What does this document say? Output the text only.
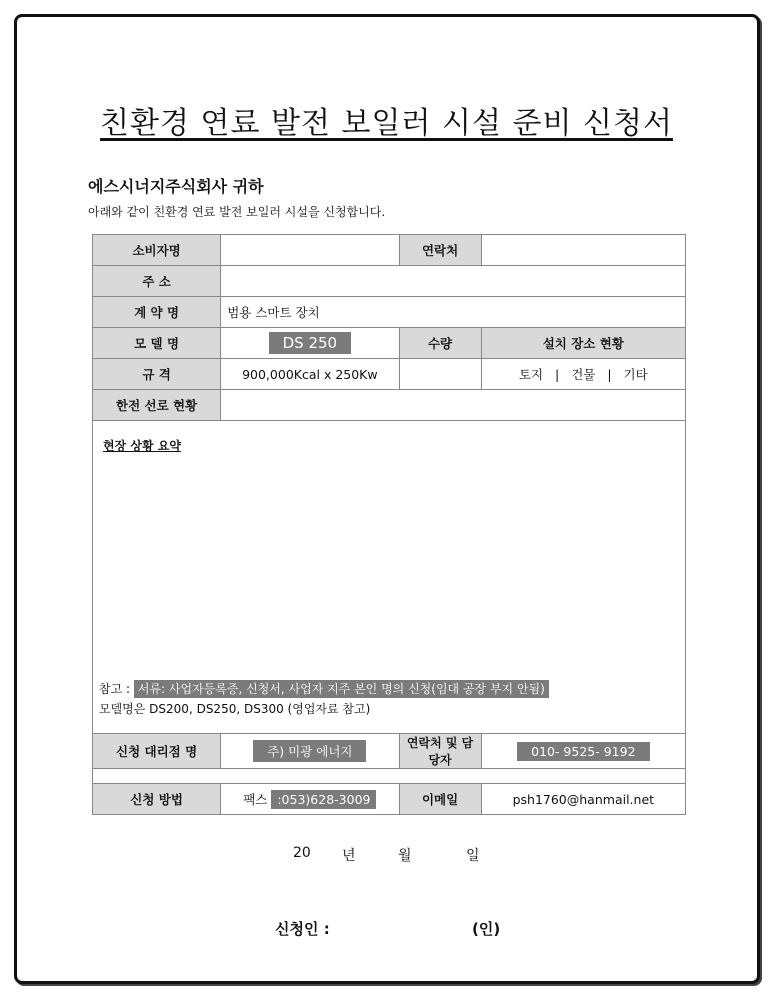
친환경 연료 발전 보일러 시설 준비 신청서
에스시너지주식회사 귀하
아래와 같이 친환경 연료 발전 보일러 시설을 신청합니다.
소비자명		연락처	
주 소			
계 약 명	범용 스마트 장치		
모 델 명	DS 250	수량	설치 장소 현황
규 격	900,000Kcal x 250Kw		토지 | 건물 | 기타
한전 선로 현황			
현장 상황 요약
참고 : 서류: 사업자등록증, 신청서, 사업자 지주 본인 명의 신청(임대 공장 부지 안됨)
모델명은 DS200, DS250, DS300 (영업자료 참고)			

신청 대리점 명	주) 미광 에너지	연락처 및 담당자	010- 9525- 9192

신청 방법	팩스 :053)628-3009	이메일	psh1760@hanmail.net
20 년	월	일
신청인 :	(인)
